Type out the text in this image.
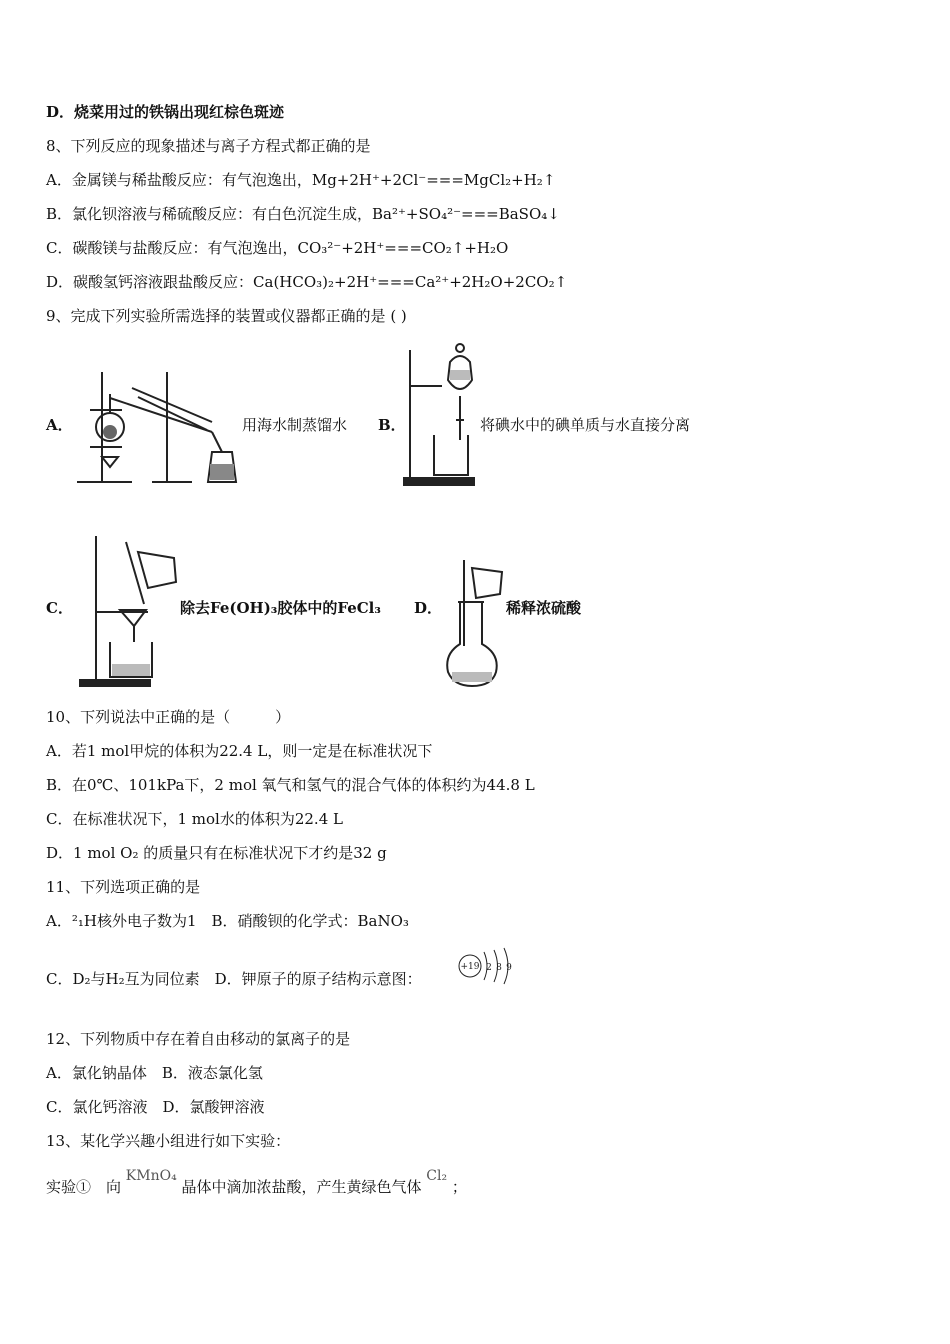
D．烧菜用过的铁锅出现红棕色斑迹
8、下列反应的现象描述与离子方程式都正确的是
A．金属镁与稀盐酸反应：有气泡逸出，Mg+2H⁺+2Cl⁻===MgCl₂+H₂↑
B．氯化钡溶液与稀硫酸反应：有白色沉淀生成，Ba²⁺+SO₄²⁻===BaSO₄↓
C．碳酸镁与盐酸反应：有气泡逸出，CO₃²⁻+2H⁺===CO₂↑+H₂O
D．碳酸氢钙溶液跟盐酸反应：Ca(HCO₃)₂+2H⁺===Ca²⁺+2H₂O+2CO₂↑
9、完成下列实验所需选择的装置或仪器都正确的是 ( )
A．	用海水制蒸馏水 B．	将碘水中的碘单质与水直接分离
C．	除去Fe(OH)₃胶体中的FeCl₃ D．	稀释浓硫酸
10、下列说法中正确的是（　　　）
A．若1 mol甲烷的体积为22.4 L，则一定是在标准状况下
B．在0℃、101kPa下，2 mol 氧气和氢气的混合气体的体积约为44.8 L
C．在标准状况下，1 mol水的体积为22.4 L
D．1 mol O₂ 的质量只有在标准状况下才约是32 g
11、下列选项正确的是
A．²₁H核外电子数为1　B．硝酸钡的化学式：BaNO₃
C．D₂与H₂互为同位素　D．钾原子的原子结构示意图：
+19 2 8 9
12、下列物质中存在着自由移动的氯离子的是
A．氯化钠晶体　B．液态氯化氢
C．氯化钙溶液　D．氯酸钾溶液
13、某化学兴趣小组进行如下实验：
实验①　向 KMnO₄ 晶体中滴加浓盐酸，产生黄绿色气体 Cl₂ ；
